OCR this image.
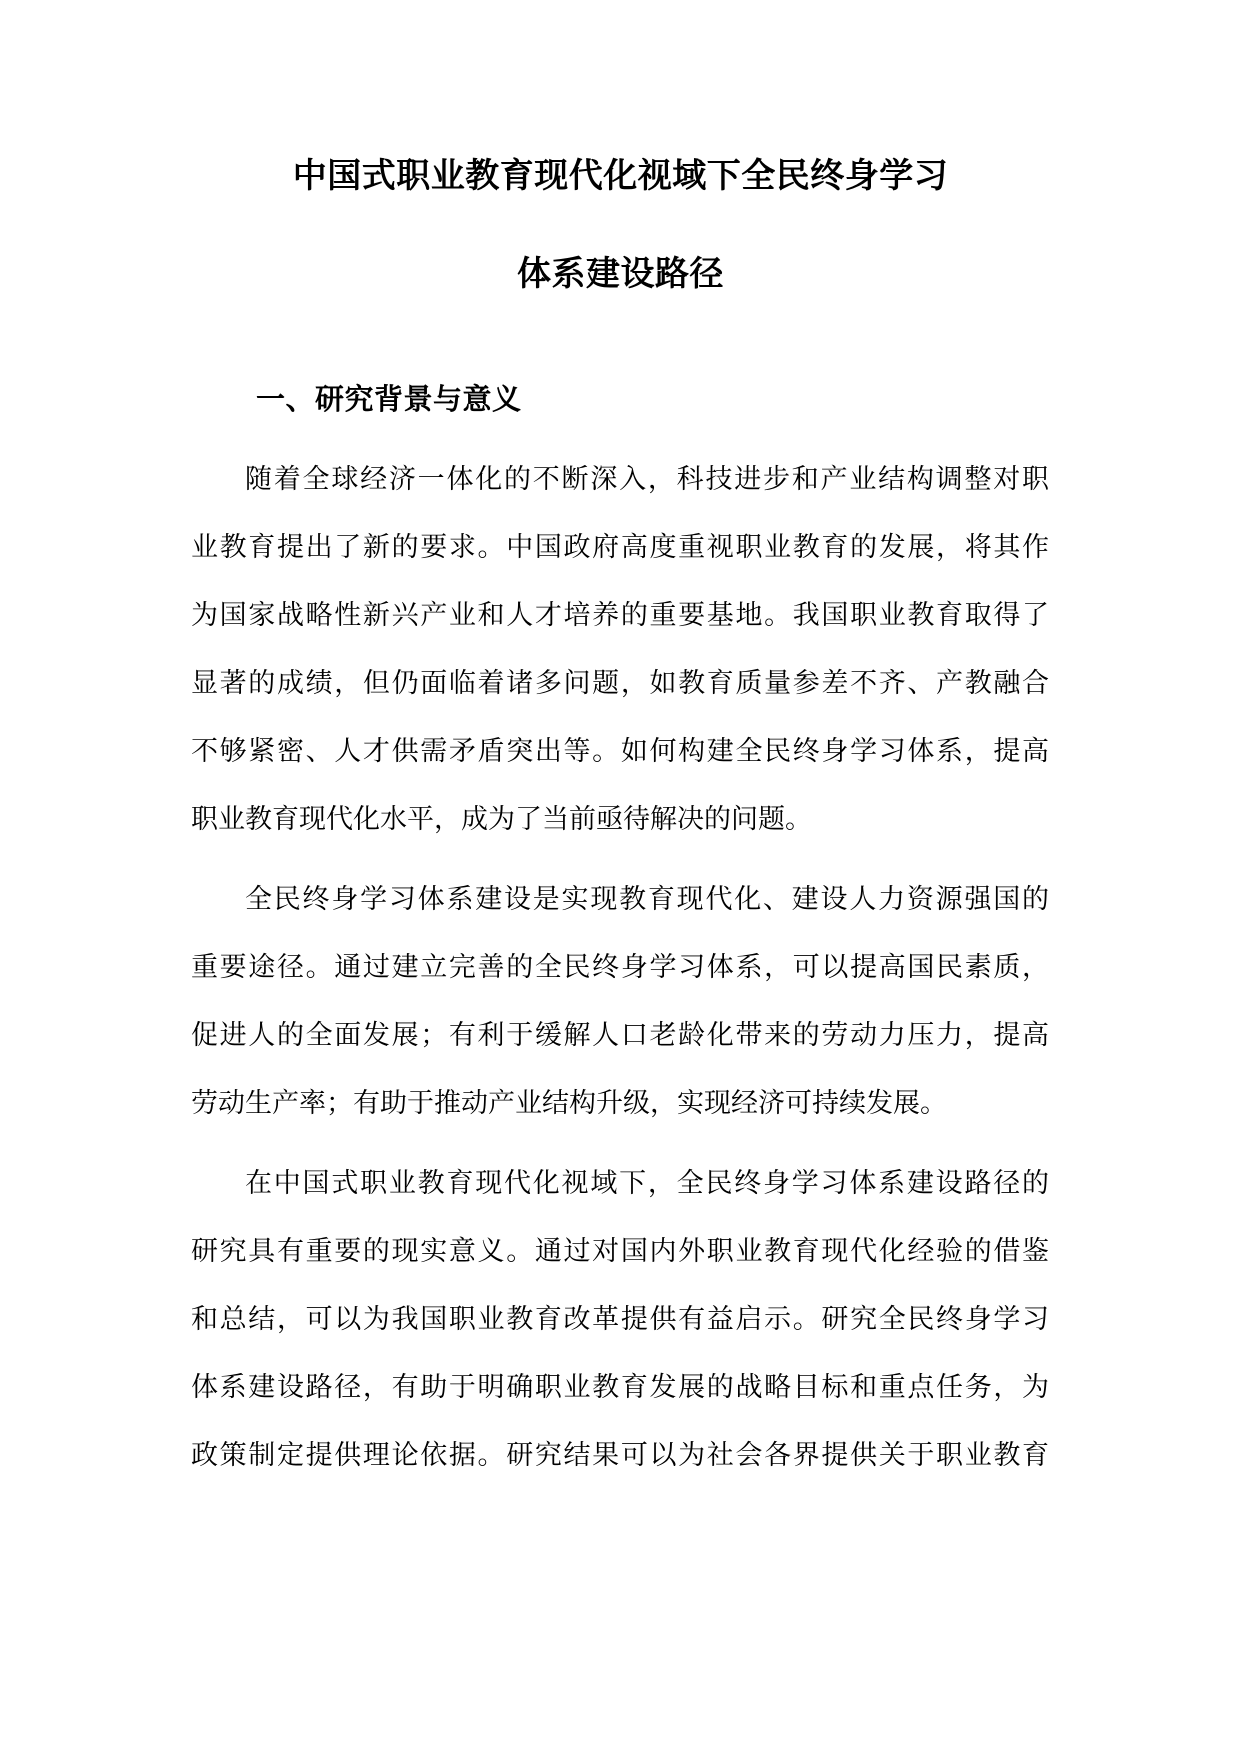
中国式职业教育现代化视域下全民终身学习
体系建设路径
一、研究背景与意义
随着全球经济一体化的不断深入，科技进步和产业结构调整对职
业教育提出了新的要求。中国政府高度重视职业教育的发展，将其作
为国家战略性新兴产业和人才培养的重要基地。我国职业教育取得了
显著的成绩，但仍面临着诸多问题，如教育质量参差不齐、产教融合
不够紧密、人才供需矛盾突出等。如何构建全民终身学习体系，提高
职业教育现代化水平，成为了当前亟待解决的问题。
全民终身学习体系建设是实现教育现代化、建设人力资源强国的
重要途径。通过建立完善的全民终身学习体系，可以提高国民素质，
促进人的全面发展；有利于缓解人口老龄化带来的劳动力压力，提高
劳动生产率；有助于推动产业结构升级，实现经济可持续发展。
在中国式职业教育现代化视域下，全民终身学习体系建设路径的
研究具有重要的现实意义。通过对国内外职业教育现代化经验的借鉴
和总结，可以为我国职业教育改革提供有益启示。研究全民终身学习
体系建设路径，有助于明确职业教育发展的战略目标和重点任务，为
政策制定提供理论依据。研究结果可以为社会各界提供关于职业教育
